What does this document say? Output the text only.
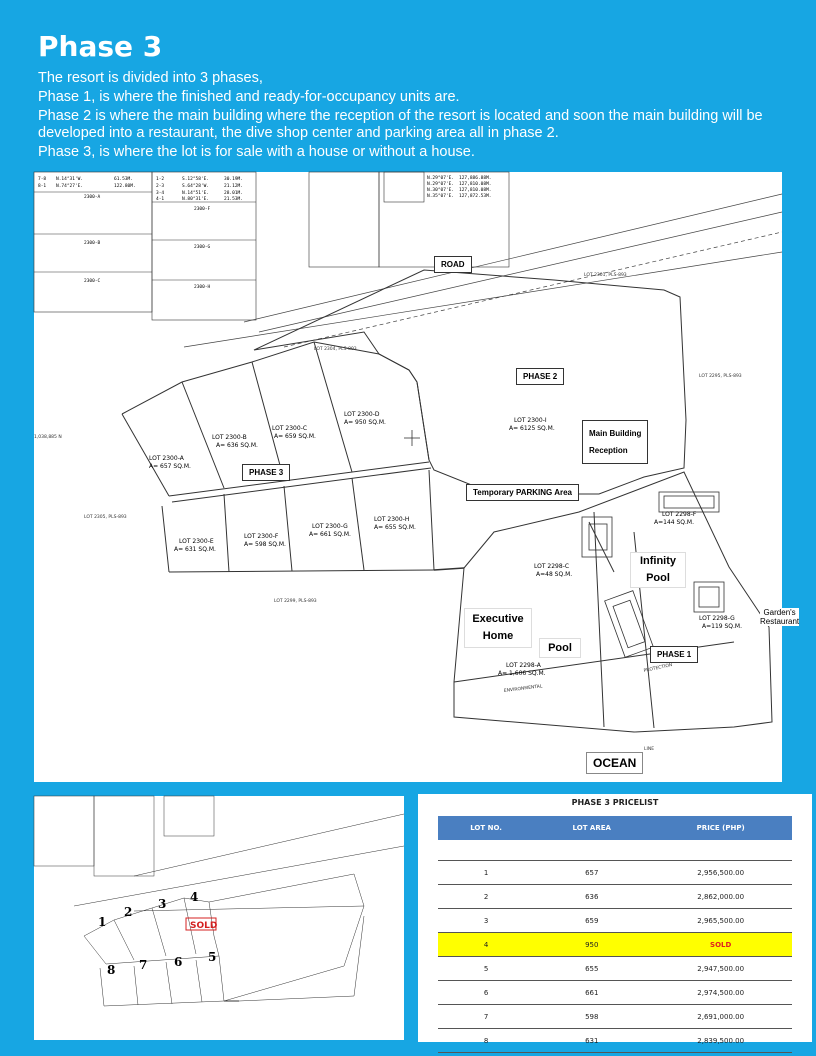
Phase 3

The resort is divided into 3 phases,

Phase 1, is where the finished and ready-for-occupancy units are.

Phase 2 is where the main building where the reception of the resort is located and soon the main building will be developed into a restaurant, the dive shop center and parking area all in phase 2.

Phase 3, is where the lot is for sale with a house or without a house.

7-8 N.14°31'W.	61.53M.
8-1 N.74°27'E.	122.80M.
2300-A
2300-B
2300-C
1-2	S.12°58'E.	30.19M.
2-3	S.64°28'W.	21.12M.
3-4	N.14°51'E.	28.01M.
4-1	N.80°31'E.	21.53M.
2300-F
2300-G
2300-H
N.29°07'E. 127,886.88M.
N.29°07'E. 127,810.08M.
N.30°07'E. 127,810.08M.
N.35°07'E. 127,872.53M.
LOT 2300-A
A= 657 SQ.M.
LOT 2300-B
A= 636 SQ.M.
LOT 2300-C
A= 659 SQ.M.
LOT 2300-D
A= 950 SQ.M.
LOT 2300-E
A= 631 SQ.M.
LOT 2300-F
A= 598 SQ.M.
LOT 2300-G
A= 661 SQ.M.
LOT 2300-H
A= 655 SQ.M.
LOT 2300-I
A= 6125 SQ.M.
LOT 2298-F
A=144 SQ.M.
LOT 2298-C
A=48 SQ.M.
LOT 2298-G
A=119 SQ.M.
LOT 2298-A
A= 1,606 SQ.M.
LOT 2301, PLS-893
LOT 2304, PLS-893
LOT 2295, PLS-893
LOT 2305, PLS-893
LOT 2299, PLS-893
1,038,885 N
ENVIRONMENTAL
PROTECTION
LINE
ROAD
PHASE 2
PHASE 3
Temporary PARKING Area
Main Building
Reception
Infinity
Pool
Executive
Home
Pool
PHASE 1
Garden's
Restaurant
OCEAN
1
2
3 4
5
6
7
8
SOLD
PHASE 3 PRICELIST
LOT NO.	LOT AREA	PRICE (PHP)

1	657	2,956,500.00
2	636	2,862,000.00
3	659	2,965,500.00
4	950	SOLD
5	655	2,947,500.00
6	661	2,974,500.00
7	598	2,691,000.00
8	631	2,839,500.00
